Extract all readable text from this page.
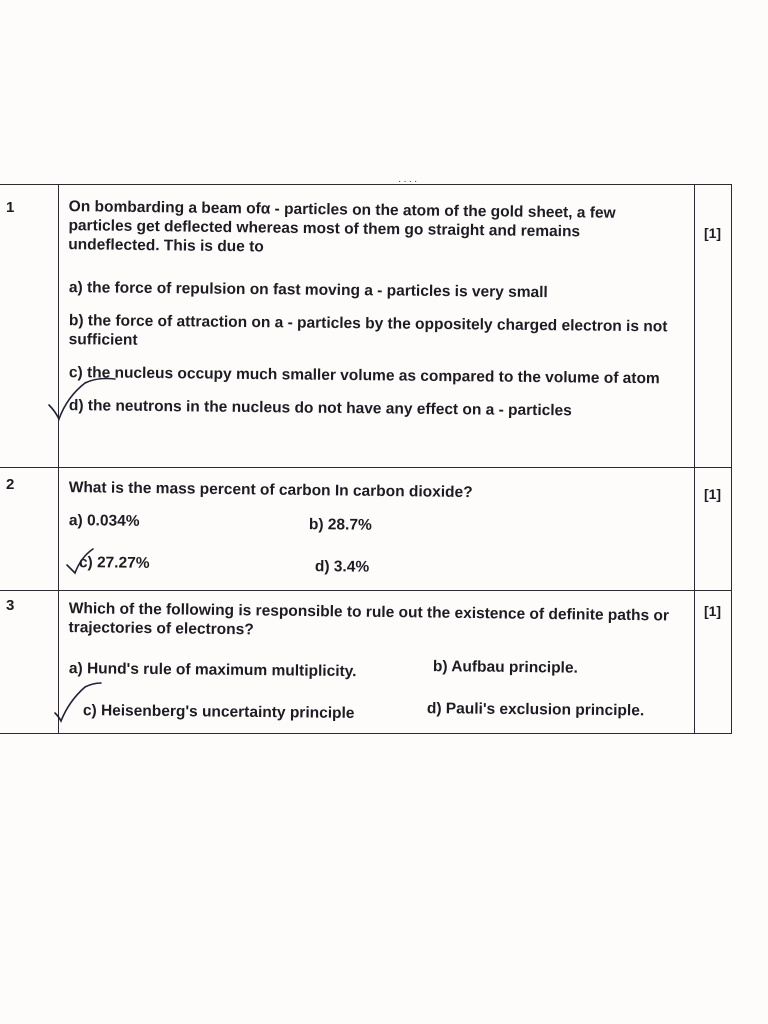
····
1	On bombarding a beam ofα - particles on the atom of the gold sheet, a few particles get deflected whereas most of them go straight and remains undeflected. This is due to
a) the force of repulsion on fast moving a - particles is very small
b) the force of attraction on a - particles by the oppositely charged electron is not sufficient
c) the nucleus occupy much smaller volume as compared to the volume of atom
d) the neutrons in the nucleus do not have any effect on a - particles	[1]

2	What is the mass percent of carbon In carbon dioxide?
a) 0.034% b) 28.7%
c) 27.27% d) 3.4%	[1]

3	Which of the following is responsible to rule out the existence of definite paths or trajectories of electrons?
a) Hund's rule of maximum multiplicity. b) Aufbau principle.
c) Heisenberg's uncertainty principle d) Pauli's exclusion principle.	[1]
